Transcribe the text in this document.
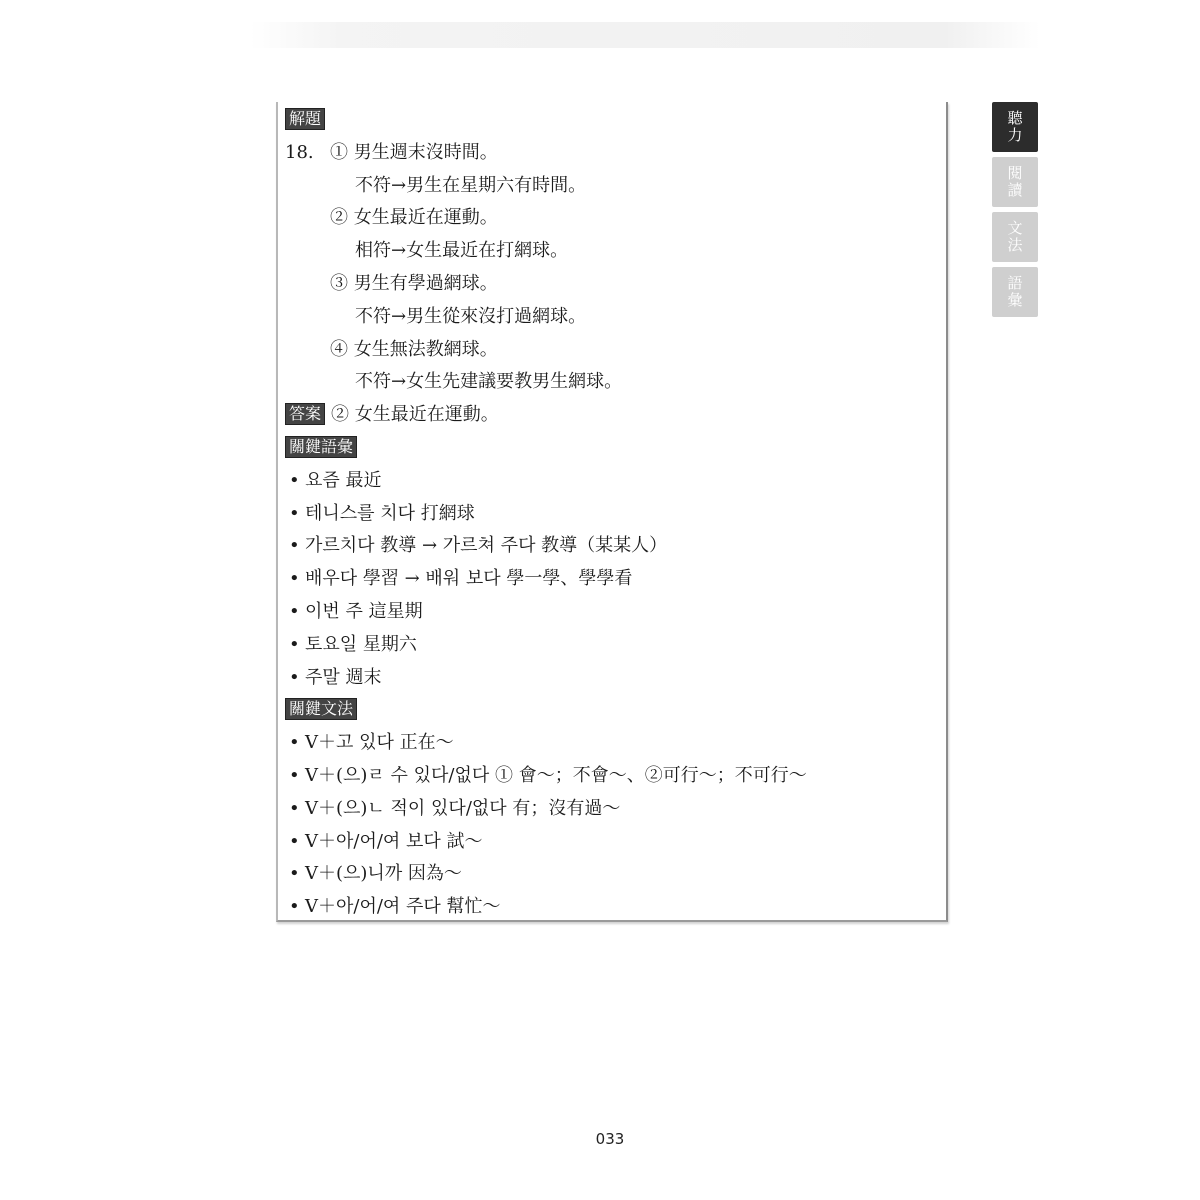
解題
18. ① 男生週末沒時間。
不符→男生在星期六有時間。
② 女生最近在運動。
相符→女生最近在打網球。
③ 男生有學過網球。
不符→男生從來沒打過網球。
④ 女生無法教網球。
不符→女生先建議要教男生網球。
答案 ② 女生最近在運動。
關鍵語彙
• 요즘 最近
• 테니스를 치다 打網球
• 가르치다 教導 → 가르쳐 주다 教導（某某人）
• 배우다 學習 → 배워 보다 學一學、學學看
• 이번 주 這星期
• 토요일 星期六
• 주말 週末
關鍵文法
• V＋고 있다 正在～
• V＋(으)ㄹ 수 있다/없다 ① 會～；不會～、②可行～；不可行～
• V＋(으)ㄴ 적이 있다/없다 有；沒有過～
• V＋아/어/여 보다 試～
• V＋(으)니까 因為～
• V＋아/어/여 주다 幫忙～
聽力
閱讀
文法
語彙
033
